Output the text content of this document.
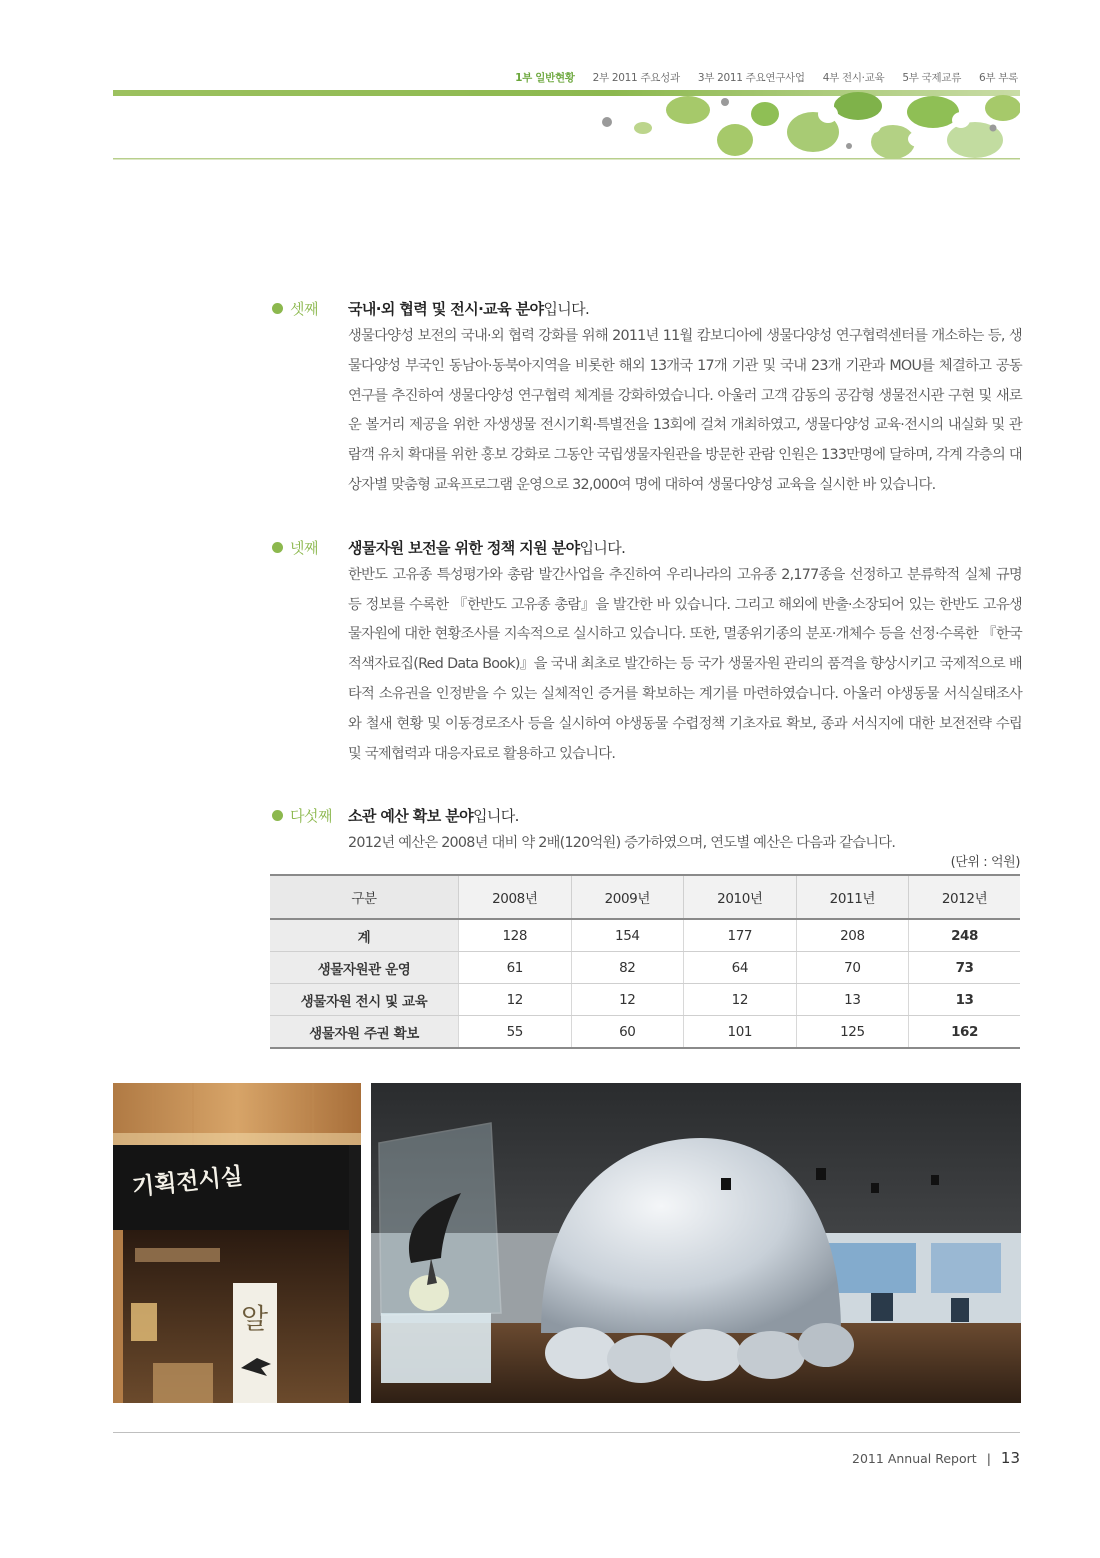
1부 일반현황 2부 2011 주요성과 3부 2011 주요연구사업 4부 전시·교육 5부 국제교류 6부 부록
셋째 국내·외 협력 및 전시·교육 분야입니다.

생물다양성 보전의 국내·외 협력 강화를 위해 2011년 11월 캄보디아에 생물다양성 연구협력센터를 개소하는 등, 생물다양성 부국인 동남아·동북아지역을 비롯한 해외 13개국 17개 기관 및 국내 23개 기관과 MOU를 체결하고 공동연구를 추진하여 생물다양성 연구협력 체계를 강화하였습니다. 아울러 고객 감동의 공감형 생물전시관 구현 및 새로운 볼거리 제공을 위한 자생생물 전시기획·특별전을 13회에 걸쳐 개최하였고, 생물다양성 교육·전시의 내실화 및 관람객 유치 확대를 위한 홍보 강화로 그동안 국립생물자원관을 방문한 관람 인원은 133만명에 달하며, 각계 각층의 대상자별 맞춤형 교육프로그램 운영으로 32,000여 명에 대하여 생물다양성 교육을 실시한 바 있습니다.

넷째 생물자원 보전을 위한 정책 지원 분야입니다.

한반도 고유종 특성평가와 총람 발간사업을 추진하여 우리나라의 고유종 2,177종을 선정하고 분류학적 실체 규명 등 정보를 수록한 『한반도 고유종 총람』을 발간한 바 있습니다. 그리고 해외에 반출·소장되어 있는 한반도 고유생물자원에 대한 현황조사를 지속적으로 실시하고 있습니다. 또한, 멸종위기종의 분포·개체수 등을 선정·수록한 『한국 적색자료집(Red Data Book)』을 국내 최초로 발간하는 등 국가 생물자원 관리의 품격을 향상시키고 국제적으로 배타적 소유권을 인정받을 수 있는 실체적인 증거를 확보하는 계기를 마련하였습니다. 아울러 야생동물 서식실태조사와 철새 현황 및 이동경로조사 등을 실시하여 야생동물 수렵정책 기초자료 확보, 종과 서식지에 대한 보전전략 수립 및 국제협력과 대응자료로 활용하고 있습니다.

다섯째 소관 예산 확보 분야입니다.

2012년 예산은 2008년 대비 약 2배(120억원) 증가하였으며, 연도별 예산은 다음과 같습니다.

(단위 : 억원)
구분	2008년	2009년	2010년	2011년	2012년
계	128	154	177	208	248
생물자원관 운영	61	82	64	70	73
생물자원 전시 및 교육	12	12	12	13	13
생물자원 주권 확보	55	60	101	125	162
기획전시실
알
2011 Annual Report | 13
